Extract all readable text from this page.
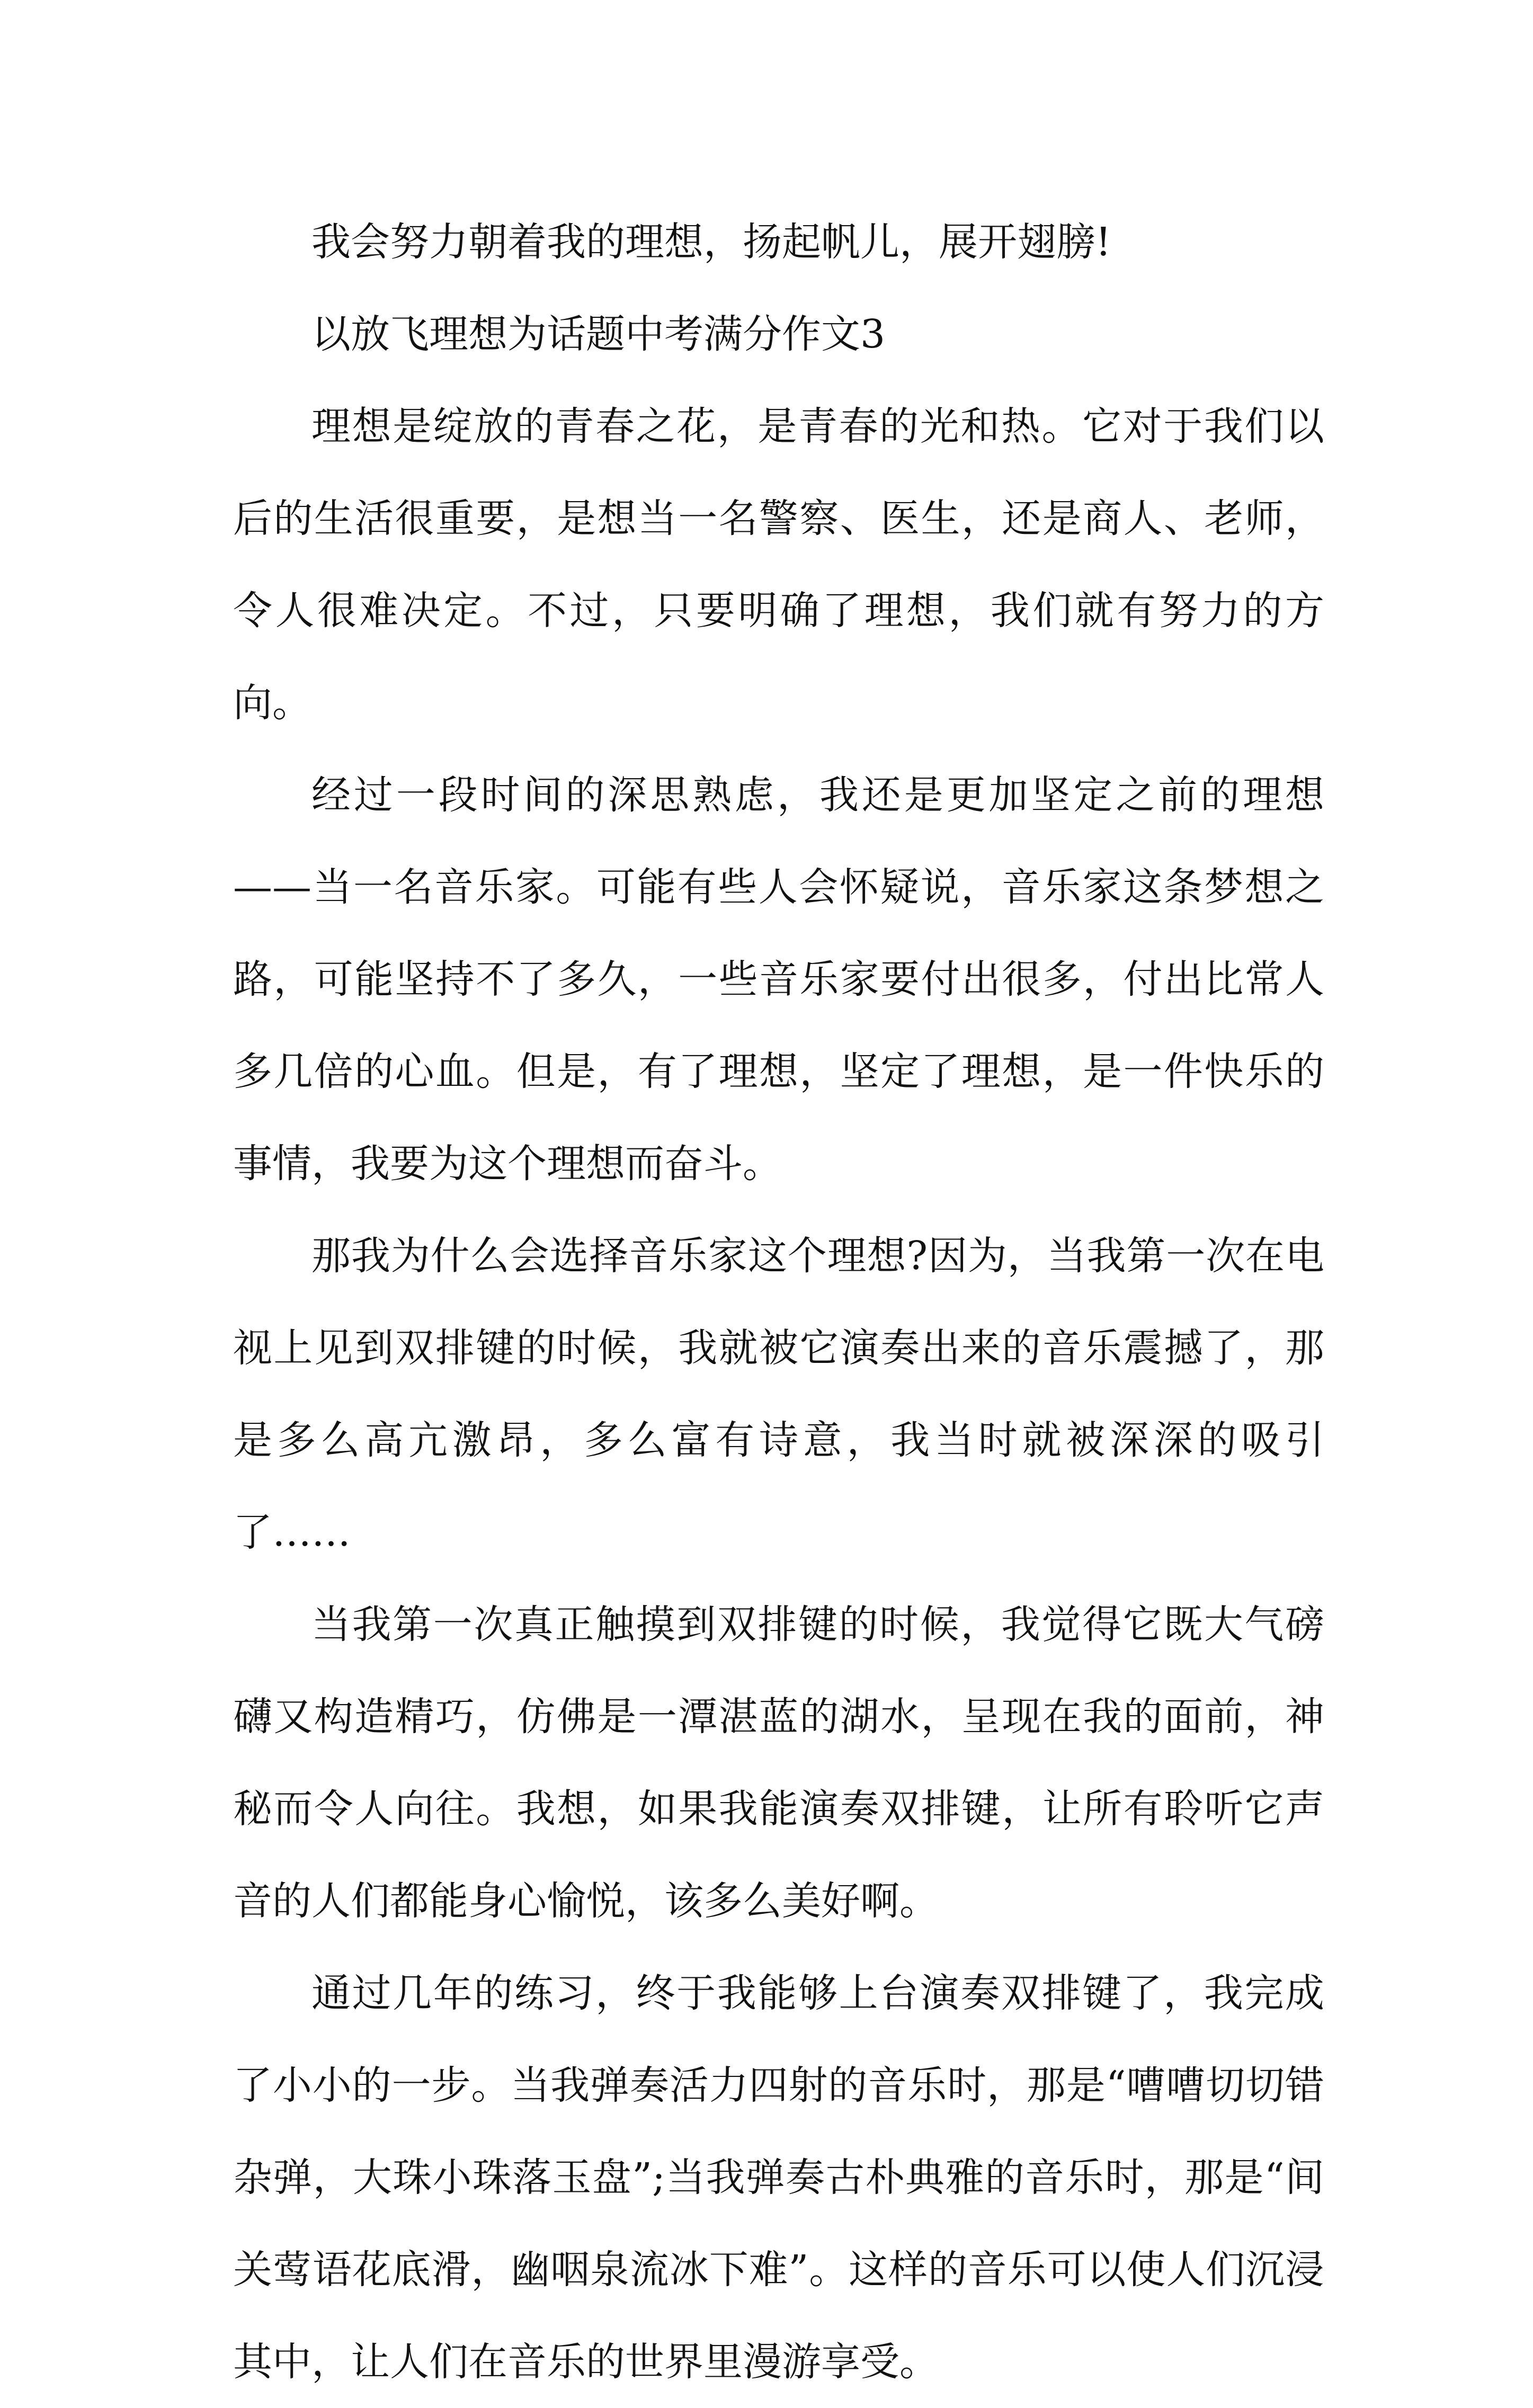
我会努力朝着我的理想，扬起帆儿，展开翅膀!

以放飞理想为话题中考满分作文3

理想是绽放的青春之花，是青春的光和热。它对于我们以后的生活很重要，是想当一名警察、医生，还是商人、老师，令人很难决定。不过，只要明确了理想，我们就有努力的方向。

经过一段时间的深思熟虑，我还是更加坚定之前的理想——当一名音乐家。可能有些人会怀疑说，音乐家这条梦想之路，可能坚持不了多久，一些音乐家要付出很多，付出比常人多几倍的心血。但是，有了理想，坚定了理想，是一件快乐的事情，我要为这个理想而奋斗。

那我为什么会选择音乐家这个理想?因为，当我第一次在电视上见到双排键的时候，我就被它演奏出来的音乐震撼了，那是多么高亢激昂，多么富有诗意，我当时就被深深的吸引了……

当我第一次真正触摸到双排键的时候，我觉得它既大气磅礴又构造精巧，仿佛是一潭湛蓝的湖水，呈现在我的面前，神秘而令人向往。我想，如果我能演奏双排键，让所有聆听它声音的人们都能身心愉悦，该多么美好啊。

通过几年的练习，终于我能够上台演奏双排键了，我完成了小小的一步。当我弹奏活力四射的音乐时，那是“嘈嘈切切错杂弹，大珠小珠落玉盘”;当我弹奏古朴典雅的音乐时，那是“间关莺语花底滑，幽咽泉流冰下难”。这样的音乐可以使人们沉浸其中，让人们在音乐的世界里漫游享受。
